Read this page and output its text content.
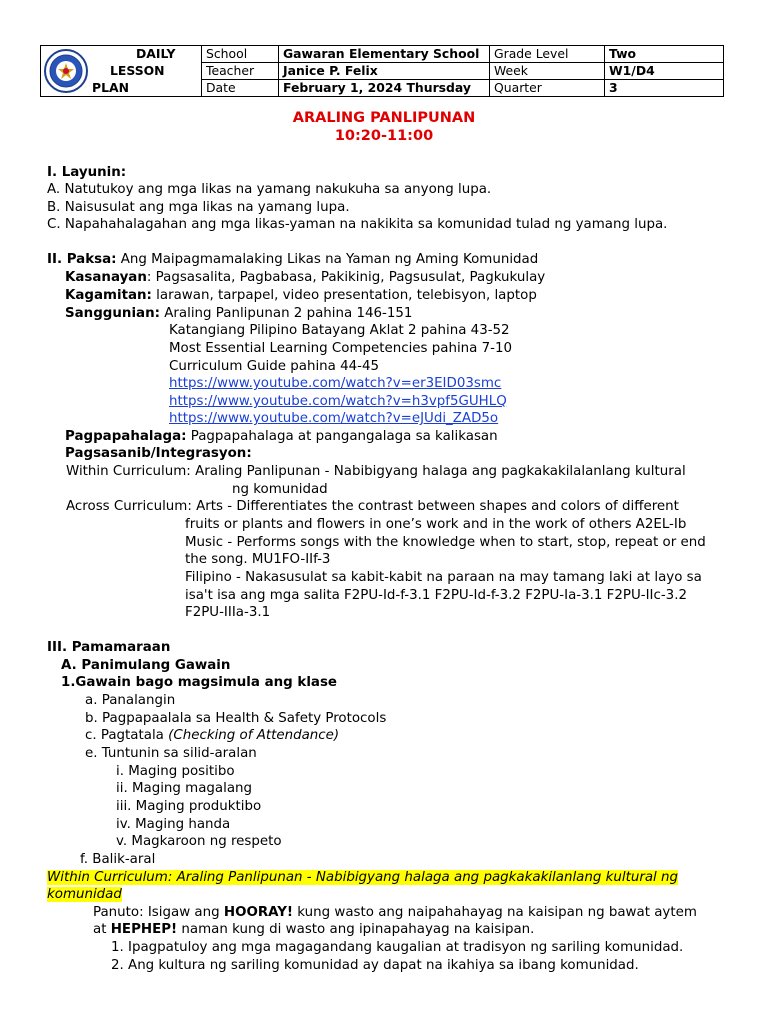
DAILY
LESSON
PLAN	School	Gawaran Elementary School	Grade Level	Two
	Teacher	Janice P. Felix	Week	W1/D4
	Date	February 1, 2024 Thursday	Quarter	3
ARALING PANLIPUNAN
10:20-11:00
I. Layunin:
A. Natutukoy ang mga likas na yamang nakukuha sa anyong lupa.
B. Naisusulat ang mga likas na yamang lupa.
C. Napahahalagahan ang mga likas-yaman na nakikita sa komunidad tulad ng yamang lupa.
II. Paksa: Ang Maipagmamalaking Likas na Yaman ng Aming Komunidad
Kasanayan: Pagsasalita, Pagbabasa, Pakikinig, Pagsusulat, Pagkukulay
Kagamitan: larawan, tarpapel, video presentation, telebisyon, laptop
Sanggunian: Araling Panlipunan 2 pahina 146-151
Katangiang Pilipino Batayang Aklat 2 pahina 43-52
Most Essential Learning Competencies pahina 7-10
Curriculum Guide pahina 44-45
https://www.youtube.com/watch?v=er3EID03smc
https://www.youtube.com/watch?v=h3vpf5GUHLQ
https://www.youtube.com/watch?v=eJUdi_ZAD5o
Pagpapahalaga: Pagpapahalaga at pangangalaga sa kalikasan
Pagsasanib/Integrasyon:
Within Curriculum: Araling Panlipunan - Nabibigyang halaga ang pagkakakilalanlang kultural
ng komunidad
Across Curriculum: Arts - Differentiates the contrast between shapes and colors of different
fruits or plants and flowers in one’s work and in the work of others A2EL-Ib
Music - Performs songs with the knowledge when to start, stop, repeat or end
the song. MU1FO-IIf-3
Filipino - Nakasusulat sa kabit-kabit na paraan na may tamang laki at layo sa
isa't isa ang mga salita F2PU-Id-f-3.1 F2PU-Id-f-3.2 F2PU-Ia-3.1 F2PU-IIc-3.2
F2PU-IIIa-3.1
III. Pamamaraan
A. Panimulang Gawain
1.Gawain bago magsimula ang klase
a. Panalangin
b. Pagpapaalala sa Health & Safety Protocols
c. Pagtatala (Checking of Attendance)
e. Tuntunin sa silid-aralan
i. Maging positibo
ii. Maging magalang
iii. Maging produktibo
iv. Maging handa
v. Magkaroon ng respeto
f. Balik-aral
Within Curriculum: Araling Panlipunan - Nabibigyang halaga ang pagkakakilanlang kultural ng
komunidad
Panuto: Isigaw ang HOORAY! kung wasto ang naipahahayag na kaisipan ng bawat aytem
at HEPHEP! naman kung di wasto ang ipinapahayag na kaisipan.
1. Ipagpatuloy ang mga magagandang kaugalian at tradisyon ng sariling komunidad.
2. Ang kultura ng sariling komunidad ay dapat na ikahiya sa ibang komunidad.
